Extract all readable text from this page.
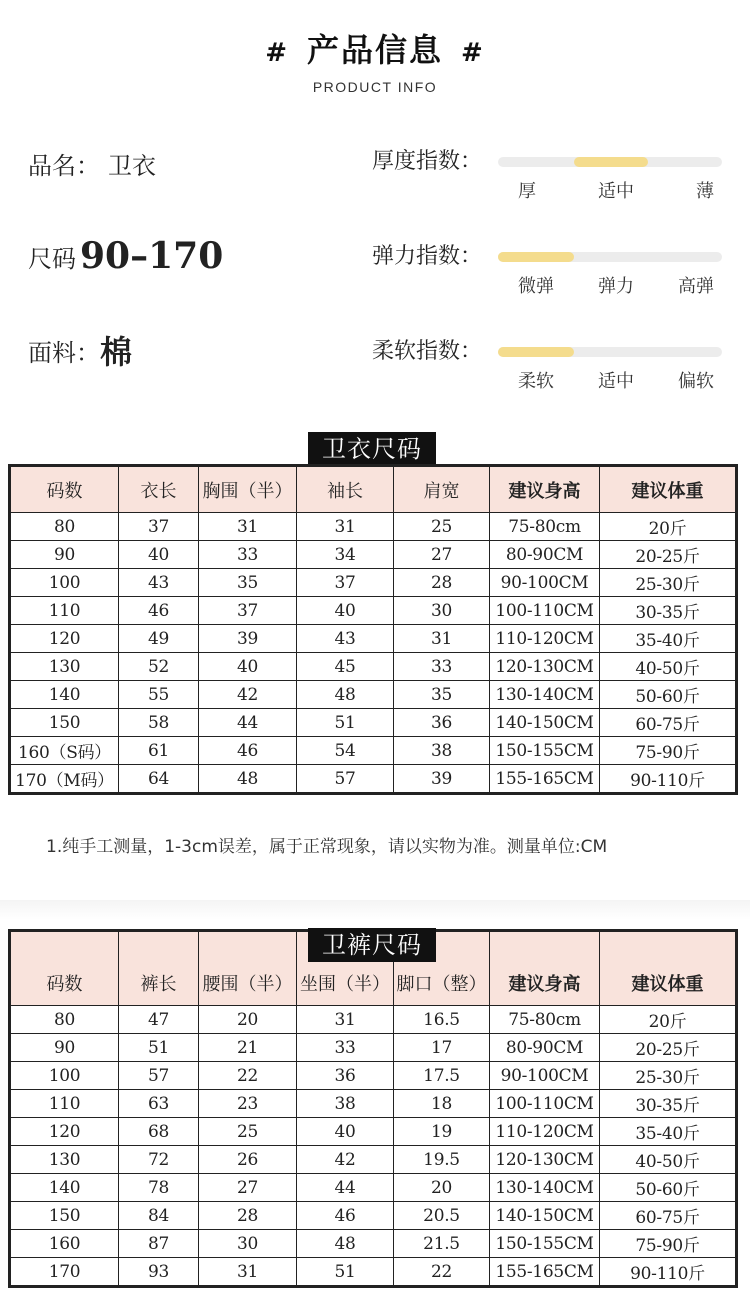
# 产品信息 #
PRODUCT INFO
品名： 卫衣
尺码 90–170
面料： 棉
厚度指数：
厚	适中	薄
弹力指数：
微弹 弹力 高弹
柔软指数：
柔软 适中 偏软
卫衣尺码
码数	衣长	胸围（半）	袖长	肩宽	建议身高	建议体重
80	37	31	31	25	75-80cm	20斤
90	40	33	34	27	80-90CM	20-25斤
100	43	35	37	28	90-100CM	25-30斤
110	46	37	40	30	100-110CM	30-35斤
120	49	39	43	31	110-120CM	35-40斤
130	52	40	45	33	120-130CM	40-50斤
140	55	42	48	35	130-140CM	50-60斤
150	58	44	51	36	140-150CM	60-75斤
160（S码）	61	46	54	38	150-155CM	75-90斤
170（M码）	64	48	57	39	155-165CM	90-110斤
1.纯手工测量，1-3cm误差，属于正常现象，请以实物为准。测量单位:CM
码数	裤长	腰围（半）	坐围（半）	脚口（整）	建议身高	建议体重
80	47	20	31	16.5	75-80cm	20斤
90	51	21	33	17	80-90CM	20-25斤
100	57	22	36	17.5	90-100CM	25-30斤
110	63	23	38	18	100-110CM	30-35斤
120	68	25	40	19	110-120CM	35-40斤
130	72	26	42	19.5	120-130CM	40-50斤
140	78	27	44	20	130-140CM	50-60斤
150	84	28	46	20.5	140-150CM	60-75斤
160	87	30	48	21.5	150-155CM	75-90斤
170	93	31	51	22	155-165CM	90-110斤
卫裤尺码
